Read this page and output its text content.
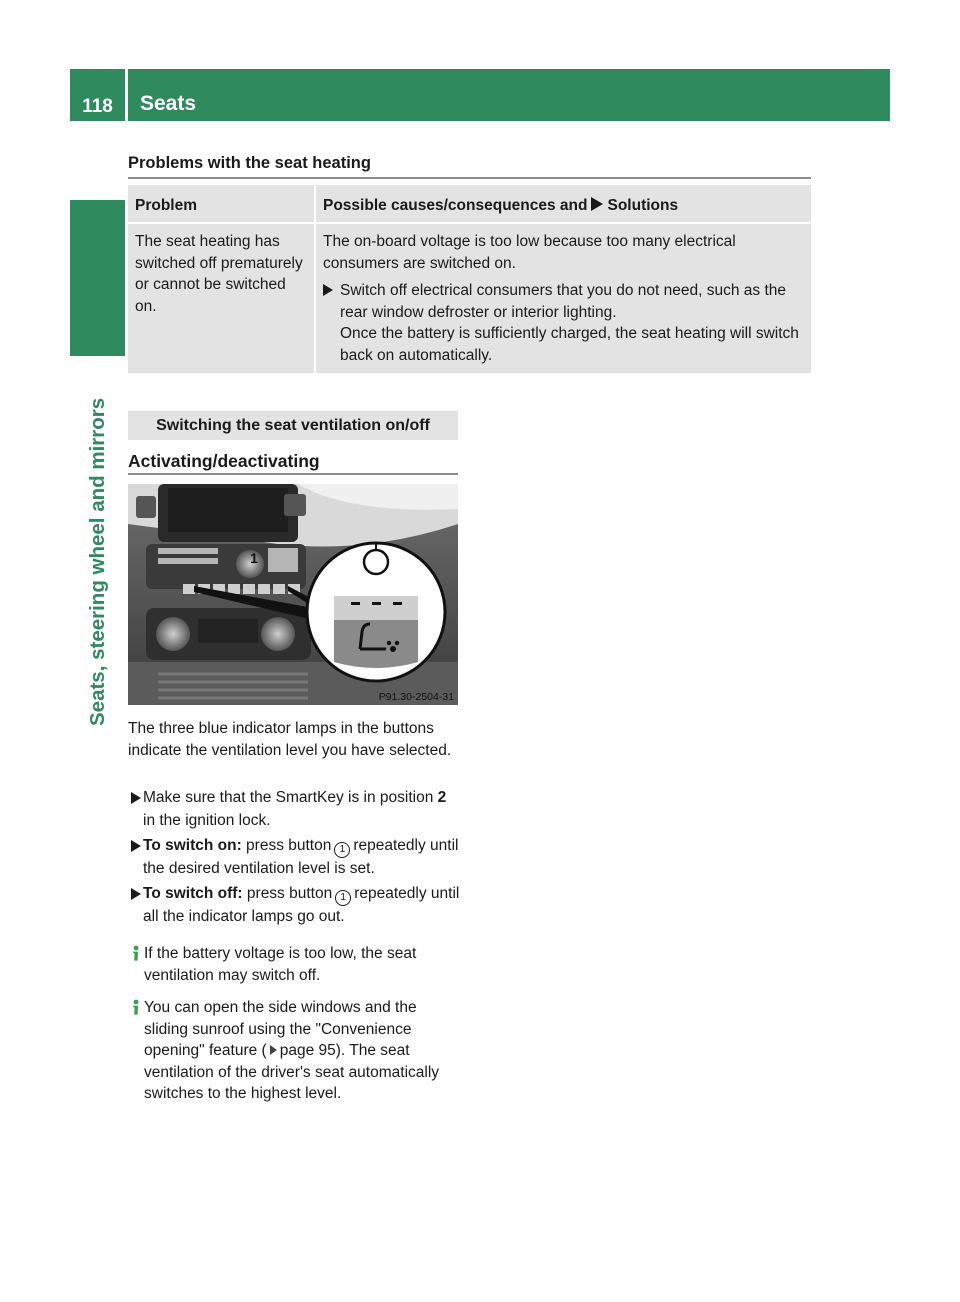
118	Seats
Seats, steering wheel and mirrors
Problems with the seat heating
Problem	Possible causes/consequences and Solutions
The seat heating has switched off prematurely or cannot be switched on.
The on-board voltage is too low because too many electrical consumers are switched on.
Switch off electrical consumers that you do not need, such as the rear window defroster or interior lighting.
Once the battery is sufficiently charged, the seat heating will switch back on automatically.
Switching the seat ventilation on/off
Activating/deactivating
1
P91.30-2504-31
The three blue indicator lamps in the buttons indicate the ventilation level you have selected.
Make sure that the SmartKey is in position 2 in the ignition lock.
To switch on: press button 1 repeatedly until the desired ventilation level is set.
To switch off: press button 1 repeatedly until all the indicator lamps go out.
If the battery voltage is too low, the seat ventilation may switch off.
You can open the side windows and the sliding sunroof using the "Convenience opening" feature ( page 95). The seat ventilation of the driver's seat automatically switches to the highest level.
